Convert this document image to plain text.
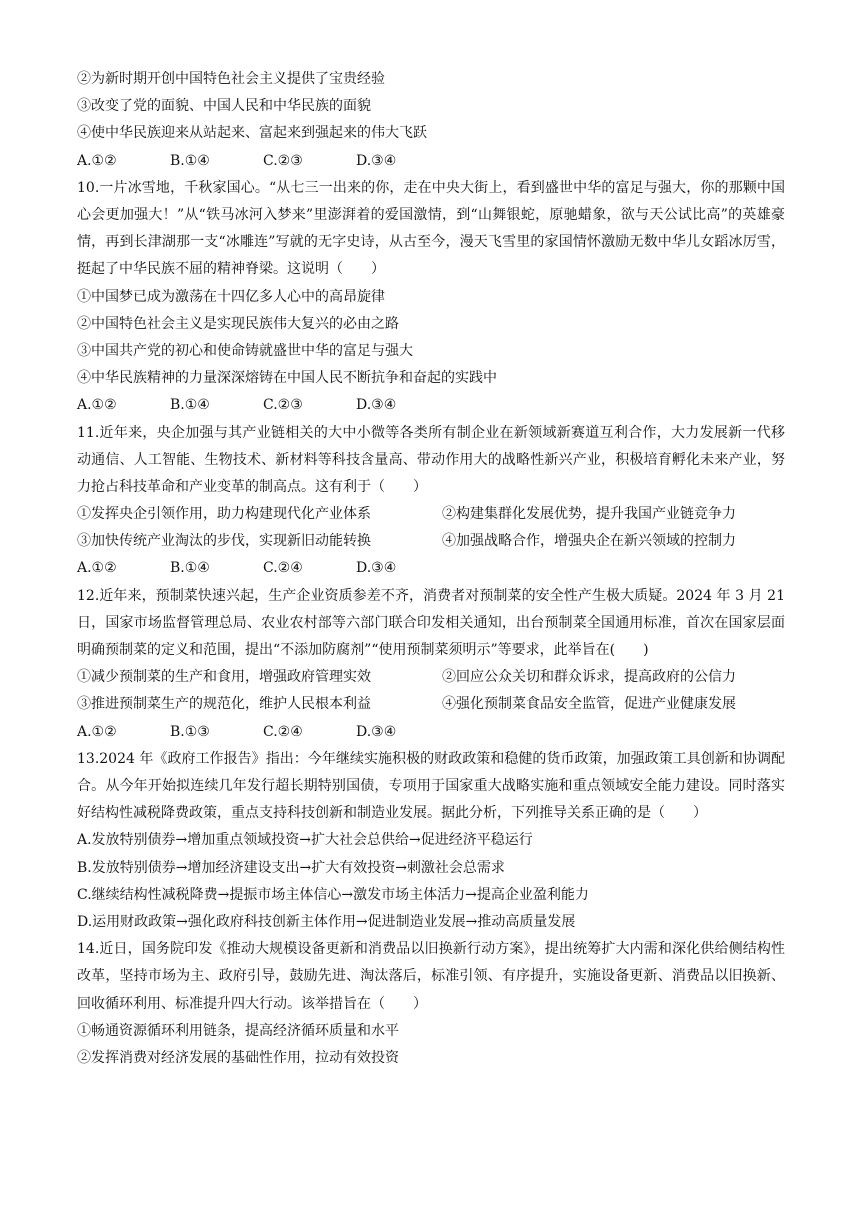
②为新时期开创中国特色社会主义提供了宝贵经验
③改变了党的面貌、中国人民和中华民族的面貌
④使中华民族迎来从站起来、富起来到强起来的伟大飞跃
A.①②	B.①④	C.②③	D.③④
10.一片冰雪地，千秋家国心。“从七三一出来的你，走在中央大街上，看到盛世中华的富足与强大，你的那颗中国心会更加强大！”从“铁马冰河入梦来”里澎湃着的爱国激情，到“山舞银蛇，原驰蜡象，欲与天公试比高”的英雄豪情，再到长津湖那一支“冰雕连”写就的无字史诗，从古至今，漫天飞雪里的家国情怀激励无数中华儿女蹈冰厉雪，挺起了中华民族不屈的精神脊梁。这说明（　　）
①中国梦已成为激荡在十四亿多人心中的高昂旋律
②中国特色社会主义是实现民族伟大复兴的必由之路
③中国共产党的初心和使命铸就盛世中华的富足与强大
④中华民族精神的力量深深熔铸在中国人民不断抗争和奋起的实践中
A.①②	B.①④	C.②③	D.③④
11.近年来，央企加强与其产业链相关的大中小微等各类所有制企业在新领域新赛道互利合作，大力发展新一代移动通信、人工智能、生物技术、新材料等科技含量高、带动作用大的战略性新兴产业，积极培育孵化未来产业，努力抢占科技革命和产业变革的制高点。这有利于（　　）
①发挥央企引领作用，助力构建现代化产业体系	②构建集群化发展优势，提升我国产业链竞争力
③加快传统产业淘汰的步伐，实现新旧动能转换	④加强战略合作，增强央企在新兴领域的控制力
A.①②	B.①④	C.②④	D.③④
12.近年来，预制菜快速兴起，生产企业资质参差不齐，消费者对预制菜的安全性产生极大质疑。2024 年 3 月 21 日，国家市场监督管理总局、农业农村部等六部门联合印发相关通知，出台预制菜全国通用标准，首次在国家层面明确预制菜的定义和范围，提出“不添加防腐剂”“使用预制菜须明示”等要求，此举旨在(　　)
①减少预制菜的生产和食用，增强政府管理实效	②回应公众关切和群众诉求，提高政府的公信力
③推进预制菜生产的规范化，维护人民根本利益	④强化预制菜食品安全监管，促进产业健康发展
A.①②	B.①③	C.②④	D.③④
13.2024 年《政府工作报告》指出：今年继续实施积极的财政政策和稳健的货币政策，加强政策工具创新和协调配合。从今年开始拟连续几年发行超长期特别国债，专项用于国家重大战略实施和重点领域安全能力建设。同时落实好结构性减税降费政策，重点支持科技创新和制造业发展。据此分析，下列推导关系正确的是（　　）
A.发放特别债券→增加重点领域投资→扩大社会总供给→促进经济平稳运行
B.发放特别债券→增加经济建设支出→扩大有效投资→刺激社会总需求
C.继续结构性减税降费→提振市场主体信心→激发市场主体活力→提高企业盈利能力
D.运用财政政策→强化政府科技创新主体作用→促进制造业发展→推动高质量发展
14.近日，国务院印发《推动大规模设备更新和消费品以旧换新行动方案》，提出统筹扩大内需和深化供给侧结构性改革，坚持市场为主、政府引导，鼓励先进、淘汰落后，标准引领、有序提升，实施设备更新、消费品以旧换新、回收循环利用、标准提升四大行动。该举措旨在（　　）
①畅通资源循环利用链条，提高经济循环质量和水平
②发挥消费对经济发展的基础性作用，拉动有效投资
